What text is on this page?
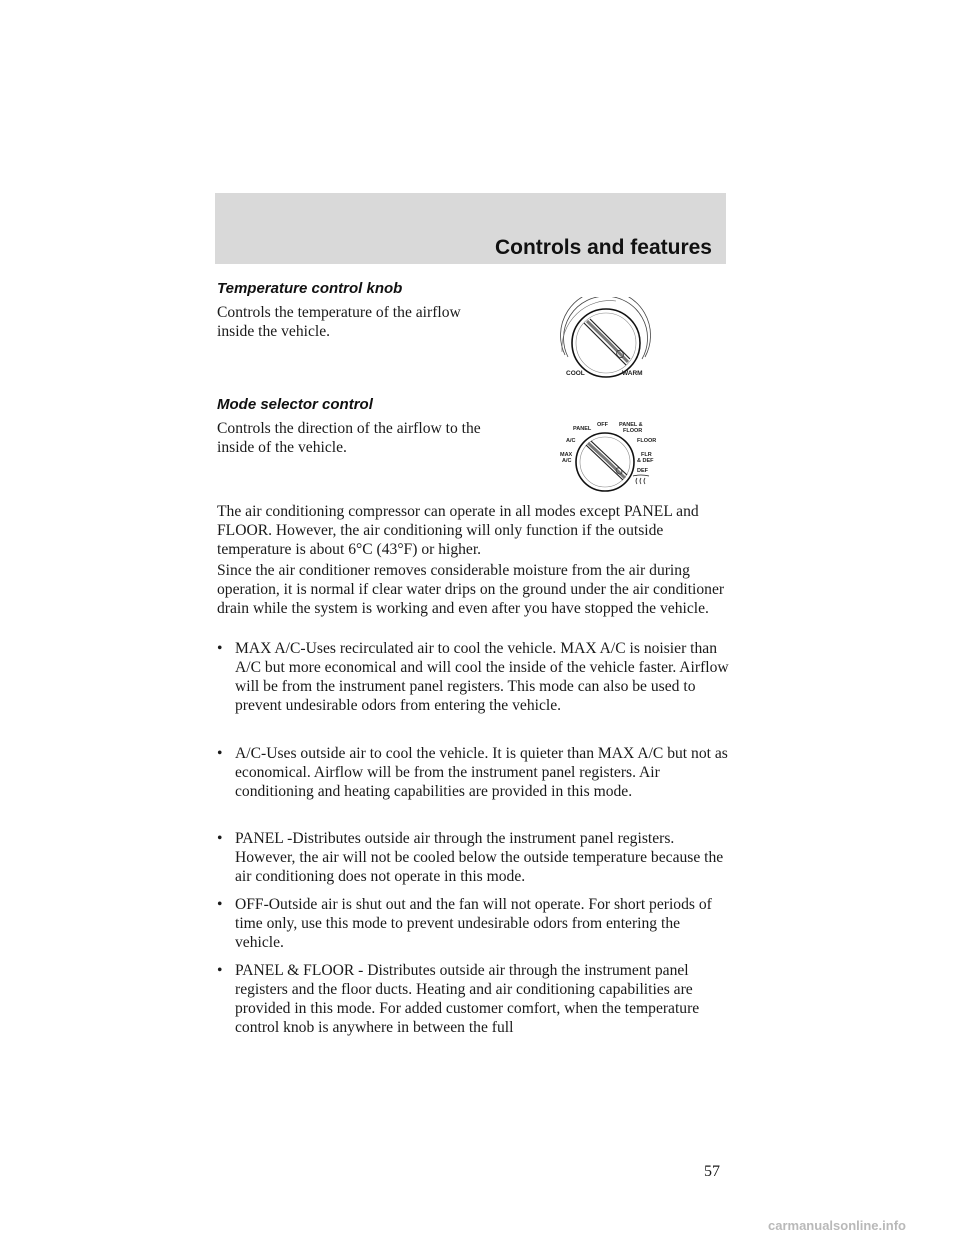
Controls and features
Temperature control knob
Controls the temperature of the airflow inside the vehicle.
COOL	WARM
Mode selector control
Controls the direction of the airflow to the inside of the vehicle.
OFF
PANEL
PANEL &
FLOOR
A/C	FLOOR
MAX
A/C
FLR
& DEF
DEF
The air conditioning compressor can operate in all modes except PANEL and FLOOR. However, the air conditioning will only function if the outside temperature is about 6°C (43°F) or higher.
Since the air conditioner removes considerable moisture from the air during operation, it is normal if clear water drips on the ground under the air conditioner drain while the system is working and even after you have stopped the vehicle.
• MAX A/C-Uses recirculated air to cool the vehicle. MAX A/C is noisier than A/C but more economical and will cool the inside of the vehicle faster. Airflow will be from the instrument panel registers. This mode can also be used to prevent undesirable odors from entering the vehicle.
• A/C-Uses outside air to cool the vehicle. It is quieter than MAX A/C but not as economical. Airflow will be from the instrument panel registers. Air conditioning and heating capabilities are provided in this mode.
• PANEL -Distributes outside air through the instrument panel registers. However, the air will not be cooled below the outside temperature because the air conditioning does not operate in this mode.
• OFF-Outside air is shut out and the fan will not operate. For short periods of time only, use this mode to prevent undesirable odors from entering the vehicle.
• PANEL & FLOOR - Distributes outside air through the instrument panel registers and the floor ducts. Heating and air conditioning capabilities are provided in this mode. For added customer comfort, when the temperature control knob is anywhere in between the full
57
carmanualsonline.info
